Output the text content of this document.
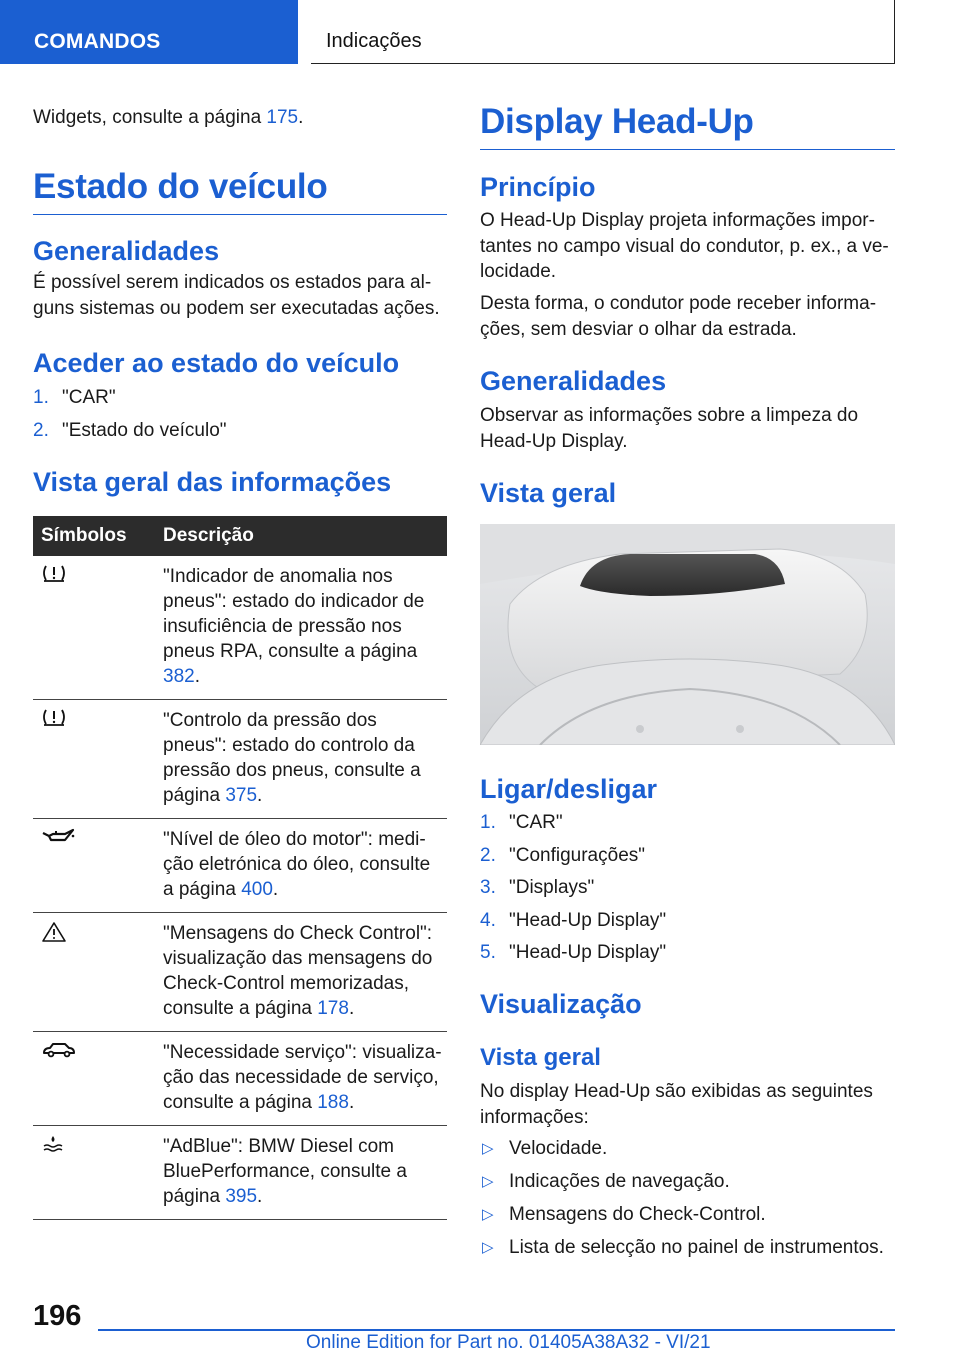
COMANDOS	Indicações

Widgets, consulte a página 175.

Estado do veículo
Generalidades

É possível serem indicados os estados para alguns sistemas ou podem ser executadas ações.

Aceder ao estado do veículo
1. "CAR"
2. "Estado do veículo"
Vista geral das informações
Símbolos	Descrição
	"Indicador de anomalia nos pneus": estado do indicador de insuficiência de pressão nos pneus RPA, consulte a página 382.
	"Controlo da pressão dos pneus": estado do controlo da pressão dos pneus, consulte a página 375.
	"Nível de óleo do motor": medição eletrónica do óleo, consulte a página 400.
	"Mensagens do Check Control": visualização das mensagens do Check-Control memorizadas, consulte a página 178.
	"Necessidade serviço": visualização das necessidade de serviço, consulte a página 188.
	"AdBlue": BMW Diesel com BluePerformance, consulte a página 395.
Display Head-Up
Princípio

O Head-Up Display projeta informações importantes no campo visual do condutor, p. ex., a velocidade.

Desta forma, o condutor pode receber informações, sem desviar o olhar da estrada.

Generalidades

Observar as informações sobre a limpeza do Head-Up Display.

Vista geral
Ligar/desligar
1. "CAR"
2. "Configurações"
3. "Displays"
4. "Head-Up Display"
5. "Head-Up Display"
Visualização
Vista geral

No display Head-Up são exibidas as seguintes informações:

▷ Velocidade.
▷ Indicações de navegação.
▷ Mensagens do Check-Control.
▷ Lista de selecção no painel de instrumentos.
196
Online Edition for Part no. 01405A38A32 - VI/21
